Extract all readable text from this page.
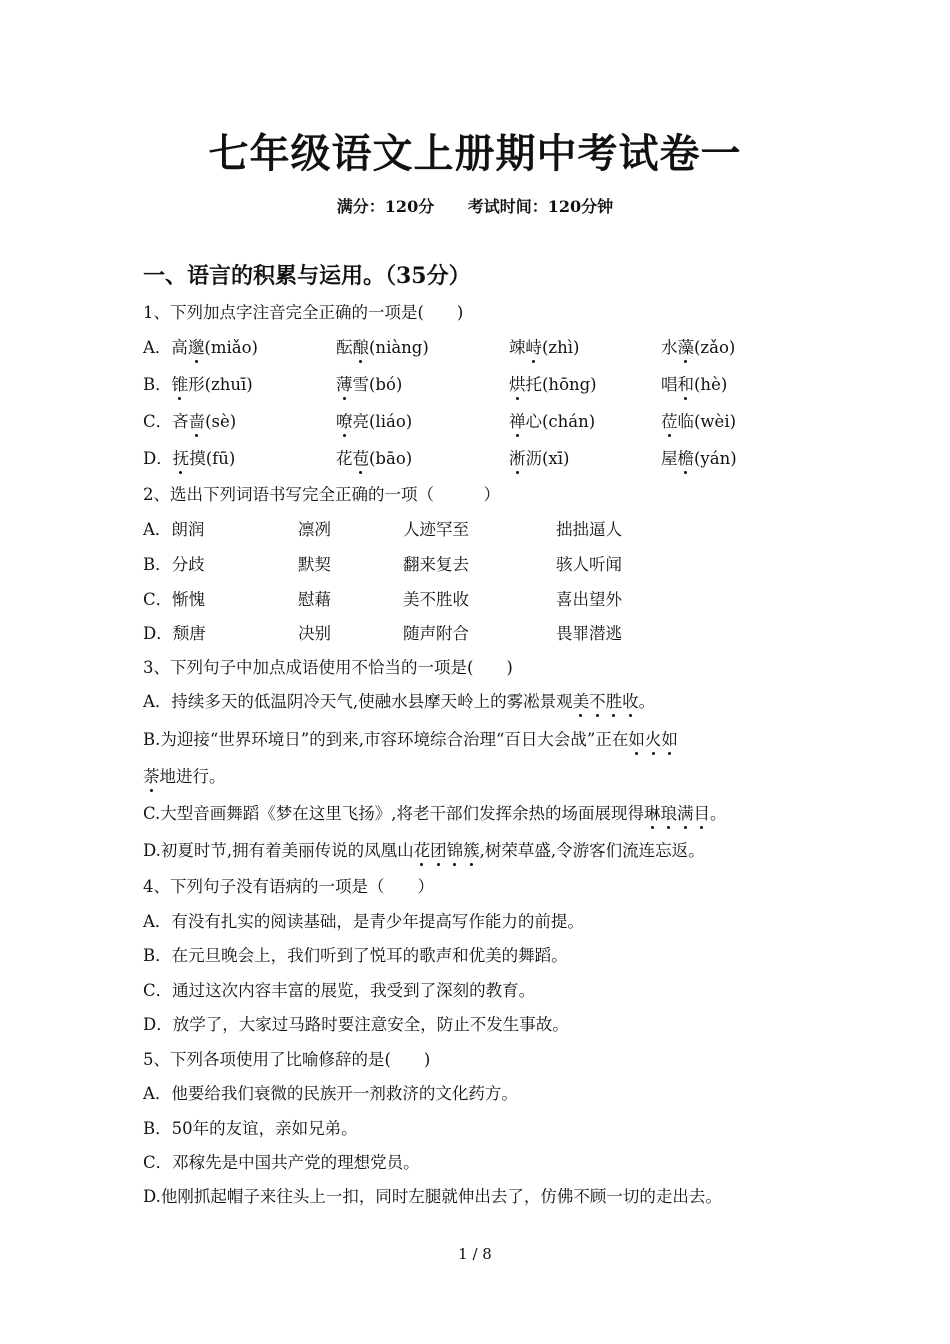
七年级语文上册期中考试卷一
满分：120分 考试时间：120分钟
一、语言的积累与运用。（35分）
1、下列加点字注音完全正确的一项是(　　)
A．高邈(miǎo)	酝酿(niàng)	竦峙(zhì)	水藻(zǎo)
B．锥形(zhuī)	薄雪(bó)	烘托(hōng)	唱和(hè)
C．吝啬(sè)	嘹亮(liáo)	禅心(chán)	莅临(wèi)
D．抚摸(fū)	花苞(bāo)	淅沥(xī)	屋檐(yán)
2、选出下列词语书写完全正确的一项（　　　）
A．朗润	凛冽	人迹罕至	拙拙逼人
B．分歧	默契	翻来复去	骇人听闻
C．惭愧	慰藉	美不胜收	喜出望外
D．颓唐	决别	随声附合	畏罪潜逃
3、下列句子中加点成语使用不恰当的一项是(　　)
A．持续多天的低温阴冷天气,使融水县摩天岭上的雾凇景观美不胜收。
B.为迎接“世界环境日”的到来,市容环境综合治理“百日大会战”正在如火如
荼地进行。
C.大型音画舞蹈《梦在这里飞扬》,将老干部们发挥余热的场面展现得琳琅满目。
D.初夏时节,拥有着美丽传说的凤凰山花团锦簇,树荣草盛,令游客们流连忘返。
4、下列句子没有语病的一项是（　　）
A．有没有扎实的阅读基础，是青少年提高写作能力的前提。
B．在元旦晚会上，我们听到了悦耳的歌声和优美的舞蹈。
C．通过这次内容丰富的展览，我受到了深刻的教育。
D．放学了，大家过马路时要注意安全，防止不发生事故。
5、下列各项使用了比喻修辞的是(　　)
A．他要给我们衰微的民族开一剂救济的文化药方。
B．50年的友谊，亲如兄弟。
C．邓稼先是中国共产党的理想党员。
D.他刚抓起帽子来往头上一扣，同时左腿就伸出去了，仿佛不顾一切的走出去。
1 / 8
